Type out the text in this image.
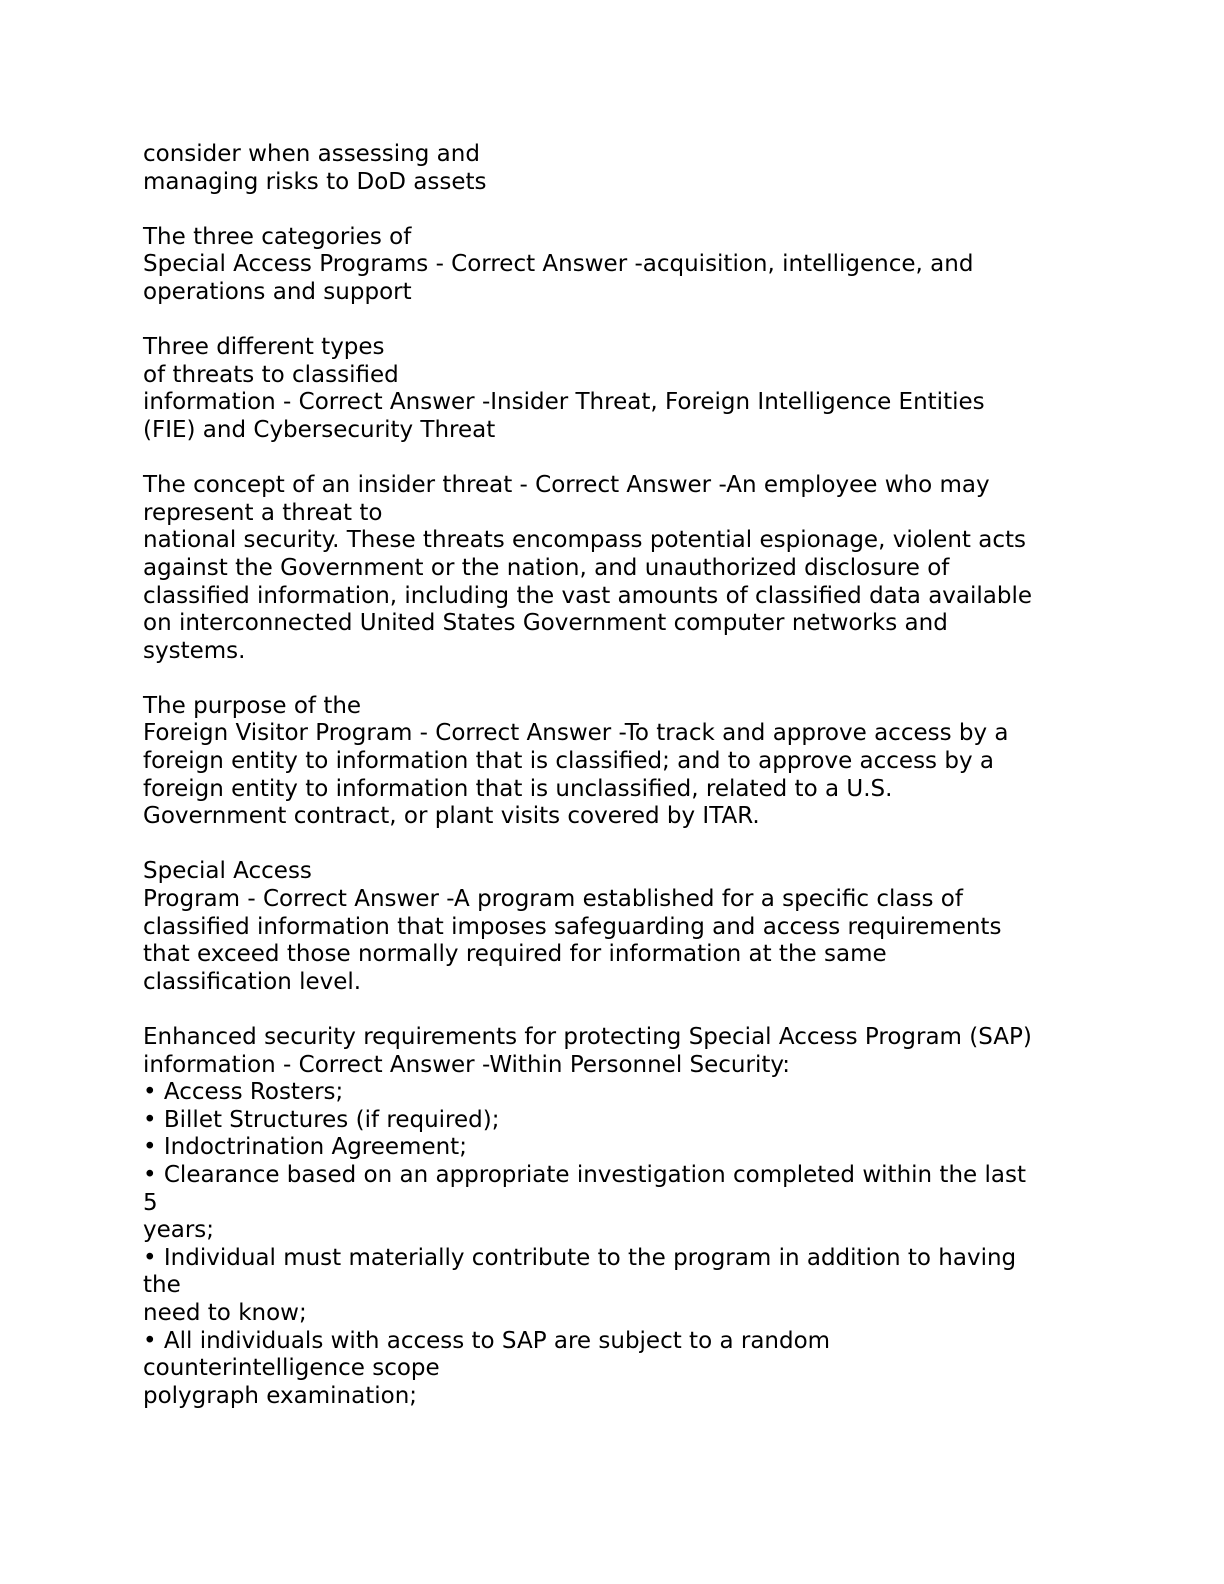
consider when assessing and
managing risks to DoD assets
The three categories of
Special Access Programs - Correct Answer -acquisition, intelligence, and
operations and support
Three different types
of threats to classified
information - Correct Answer -Insider Threat, Foreign Intelligence Entities
(FIE) and Cybersecurity Threat
The concept of an insider threat - Correct Answer -An employee who may
represent a threat to
national security. These threats encompass potential espionage, violent acts
against the Government or the nation, and unauthorized disclosure of
classified information, including the vast amounts of classified data available
on interconnected United States Government computer networks and
systems.
The purpose of the
Foreign Visitor Program - Correct Answer -To track and approve access by a
foreign entity to information that is classified; and to approve access by a
foreign entity to information that is unclassified, related to a U.S.
Government contract, or plant visits covered by ITAR.
Special Access
Program - Correct Answer -A program established for a specific class of
classified information that imposes safeguarding and access requirements
that exceed those normally required for information at the same
classification level.
Enhanced security requirements for protecting Special Access Program (SAP)
information - Correct Answer -Within Personnel Security:
• Access Rosters;
• Billet Structures (if required);
• Indoctrination Agreement;
• Clearance based on an appropriate investigation completed within the last
5
years;
• Individual must materially contribute to the program in addition to having
the
need to know;
• All individuals with access to SAP are subject to a random
counterintelligence scope
polygraph examination;
